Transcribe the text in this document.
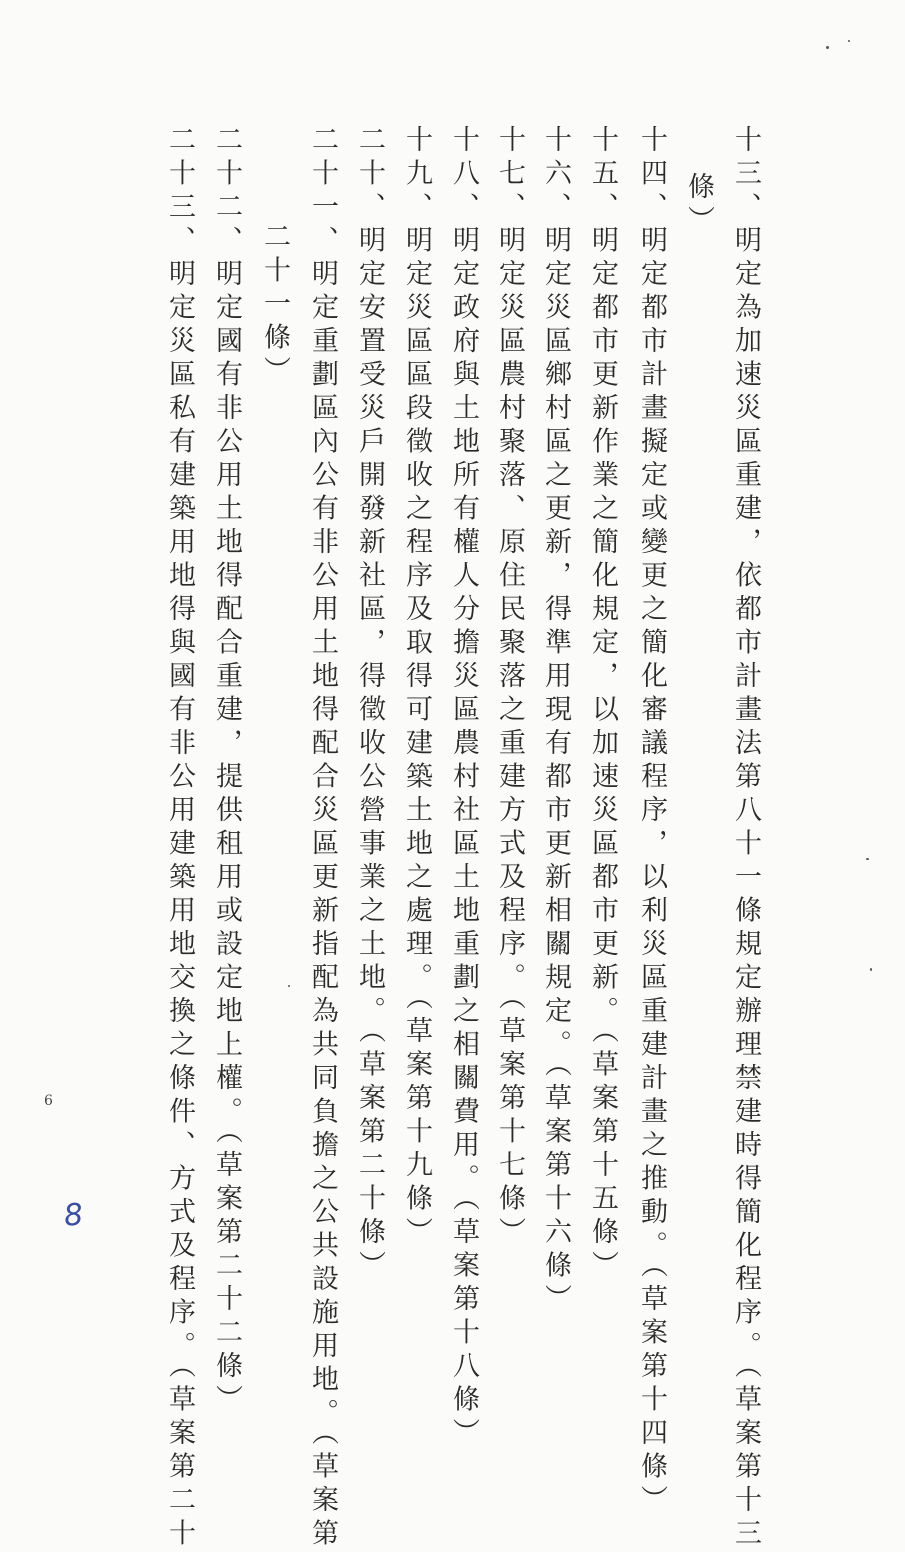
十三、明定為加速災區重建，依都市計畫法第八十一條規定辦理禁建時得簡化程序。（草案第十三
條）
十四、明定都市計畫擬定或變更之簡化審議程序，以利災區重建計畫之推動。（草案第十四條）
十五、明定都市更新作業之簡化規定，以加速災區都市更新。（草案第十五條）
十六、明定災區鄉村區之更新，得準用現有都市更新相關規定。（草案第十六條）
十七、明定災區農村聚落、原住民聚落之重建方式及程序。（草案第十七條）
十八、明定政府與土地所有權人分擔災區農村社區土地重劃之相關費用。（草案第十八條）
十九、明定災區區段徵收之程序及取得可建築土地之處理。（草案第十九條）
二十、明定安置受災戶開發新社區，得徵收公營事業之土地。（草案第二十條）
二十一、明定重劃區內公有非公用土地得配合災區更新指配為共同負擔之公共設施用地。（草案第
二十一條）
二十二、明定國有非公用土地得配合重建，提供租用或設定地上權。（草案第二十二條）
二十三、明定災區私有建築用地得與國有非公用建築用地交換之條件、方式及程序。（草案第二十
6
8
